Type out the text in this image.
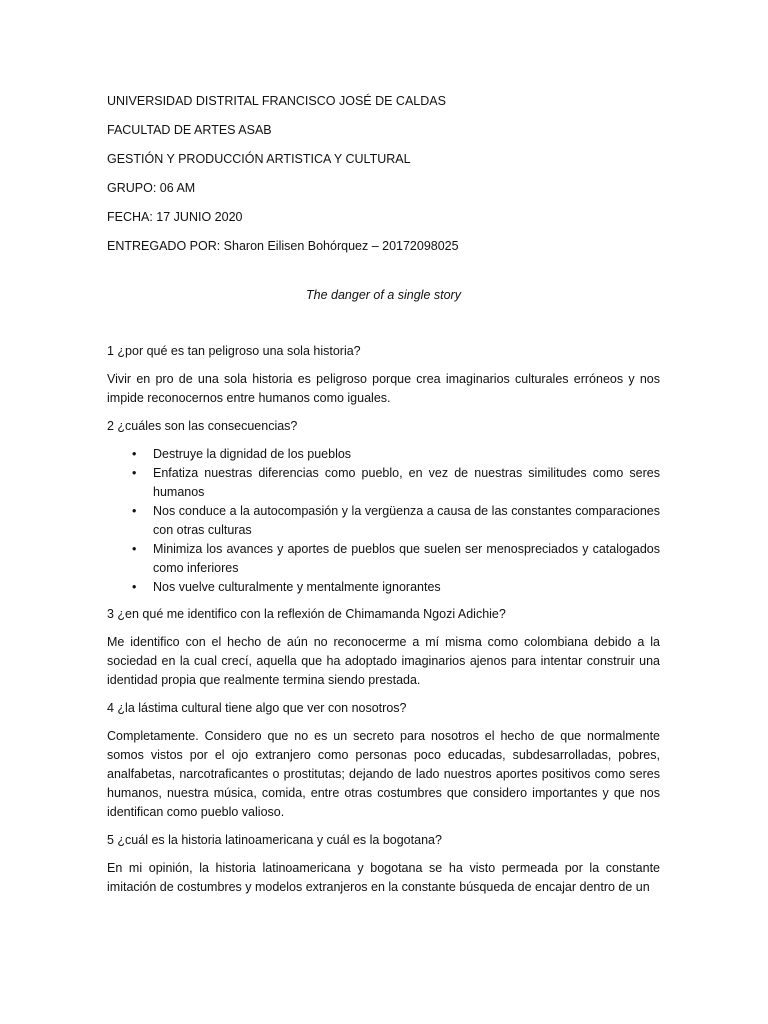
UNIVERSIDAD DISTRITAL FRANCISCO JOSÉ DE CALDAS
FACULTAD DE ARTES ASAB
GESTIÓN Y PRODUCCIÓN ARTISTICA Y CULTURAL
GRUPO: 06 AM
FECHA: 17 JUNIO 2020
ENTREGADO POR: Sharon Eilisen Bohórquez – 20172098025
The danger of a single story
1 ¿por qué es tan peligroso una sola historia?
Vivir en pro de una sola historia es peligroso porque crea imaginarios culturales erróneos y nos impide reconocernos entre humanos como iguales.
2 ¿cuáles son las consecuencias?
• Destruye la dignidad de los pueblos
• Enfatiza nuestras diferencias como pueblo, en vez de nuestras similitudes como seres humanos
• Nos conduce a la autocompasión y la vergüenza a causa de las constantes comparaciones con otras culturas
• Minimiza los avances y aportes de pueblos que suelen ser menospreciados y catalogados como inferiores
• Nos vuelve culturalmente y mentalmente ignorantes
3 ¿en qué me identifico con la reflexión de Chimamanda Ngozi Adichie?
Me identifico con el hecho de aún no reconocerme a mí misma como colombiana debido a la sociedad en la cual crecí, aquella que ha adoptado imaginarios ajenos para intentar construir una identidad propia que realmente termina siendo prestada.
4 ¿la lástima cultural tiene algo que ver con nosotros?
Completamente. Considero que no es un secreto para nosotros el hecho de que normalmente somos vistos por el ojo extranjero como personas poco educadas, subdesarrolladas, pobres, analfabetas, narcotraficantes o prostitutas; dejando de lado nuestros aportes positivos como seres humanos, nuestra música, comida, entre otras costumbres que considero importantes y que nos identifican como pueblo valioso.
5 ¿cuál es la historia latinoamericana y cuál es la bogotana?
En mi opinión, la historia latinoamericana y bogotana se ha visto permeada por la constante imitación de costumbres y modelos extranjeros en la constante búsqueda de encajar dentro de un
